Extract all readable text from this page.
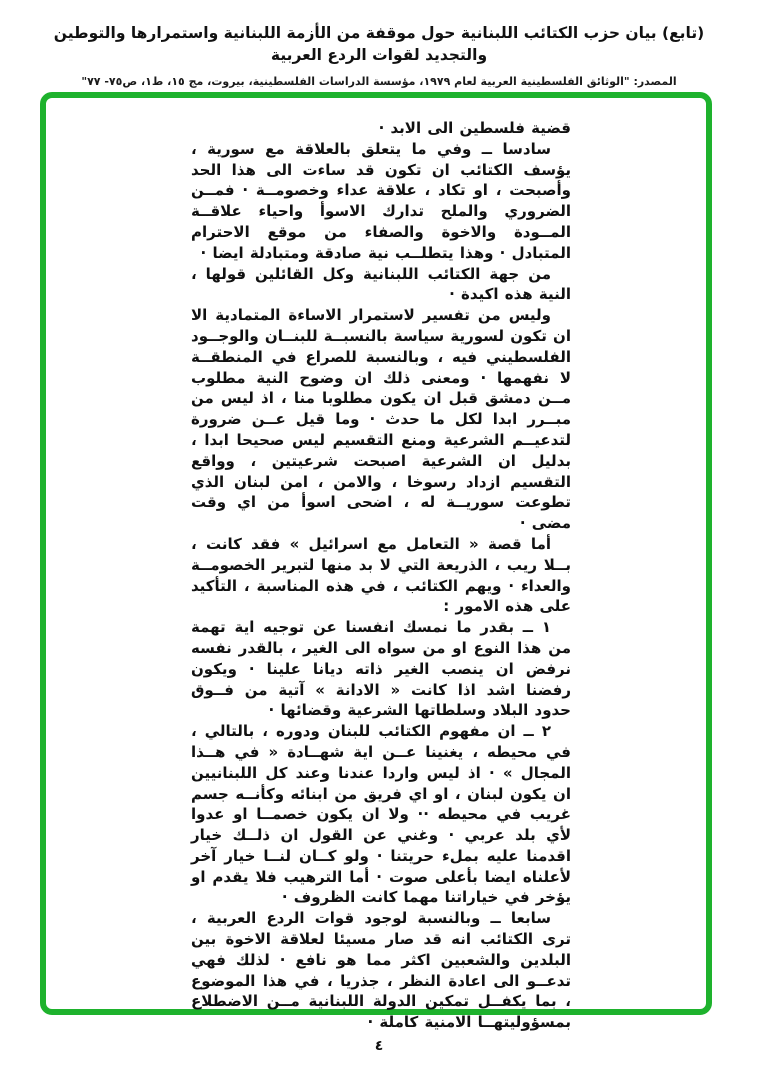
(تابع) بيان حزب الكتائب اللبنانية حول موقفة من الأزمة اللبنانية واستمرارها والتوطين والتجديد لقوات الردع العربية
المصدر: "الوثائق الفلسطينية العربية لعام ١٩٧٩، مؤسسة الدراسات الفلسطينية، بيروت، مج ١٥، ط١، ص٧٥- ٧٧"

قضية فلسطين الى الابد ·

سادسا ــ وفي ما يتعلق بالعلاقة مع سورية ، يؤسف الكتائب ان تكون قد ساءت الى هذا الحد وأصبحت ، او تكاد ، علاقة عداء وخصومــة · فمــن الضروري والملح تدارك الاسوأ واحياء علاقــة المــودة والاخوة والصفاء من موقع الاحترام المتبادل · وهذا يتطلــب نية صادقة ومتبادلة ايضا ·

من جهة الكتائب اللبنانية وكل القائلين قولها ، النية هذه اكيدة ·

وليس من تفسير لاستمرار الاساءة المتمادية الا ان تكون لسورية سياسة بالنسبــة للبنــان والوجــود الفلسطيني فيه ، وبالنسبة للصراع في المنطقــة لا نفهمها · ومعنى ذلك ان وضوح النية مطلوب مــن دمشق قبل ان يكون مطلوبا منا ، اذ ليس من مبــرر ابدا لكل ما حدث · وما قيل عــن ضرورة لتدعيــم الشرعية ومنع التقسيم ليس صحيحا ابدا ، بدليل ان الشرعية اصبحت شرعيتين ، وواقع التقسيم ازداد رسوخا ، والامن ، امن لبنان الذي تطوعت سوريــة له ، اضحى اسوأ من اي وقت مضى ·

أما قصة « التعامل مع اسرائيل » فقد كانت ، بــلا ريب ، الذريعة التي لا بد منها لتبرير الخصومــة والعداء · ويهم الكتائب ، في هذه المناسبة ، التأكيد على هذه الامور :

١ ــ بقدر ما نمسك انفسنا عن توجيه اية تهمة من هذا النوع او من سواه الى الغير ، بالقدر نفسه نرفض ان ينصب الغير ذاته ديانا علينا · ويكون رفضنا اشد اذا كانت « الادانة » آتية من فــوق حدود البلاد وسلطاتها الشرعية وقضائها ·

٢ ــ ان مفهوم الكتائب للبنان ودوره ، بالتالي ، في محيطه ، يغنينا عــن اية شهــادة « في هــذا المجال » · اذ ليس واردا عندنا وعند كل اللبنانيين ان يكون لبنان ، او اي فريق من ابنائه وكأنــه جسم غريب في محيطه ·· ولا ان يكون خصمــا او عدوا لأي بلد عربي · وغني عن القول ان ذلــك خيار اقدمنا عليه بملء حريتنا · ولو كــان لنــا خيار آخر لأعلناه ايضا بأعلى صوت · أما الترهيب فلا يقدم او يؤخر في خياراتنا مهما كانت الظروف ·

سابعا ــ وبالنسبة لوجود قوات الردع العربية ، ترى الكتائب انه قد صار مسيئا لعلاقة الاخوة بين البلدين والشعبين اكثر مما هو نافع · لذلك فهي تدعــو الى اعادة النظر ، جذريا ، في هذا الموضوع ، بما يكفــل تمكين الدولة اللبنانية مــن الاضطلاع بمسؤوليتهــا الامنية كاملة ·

٤
